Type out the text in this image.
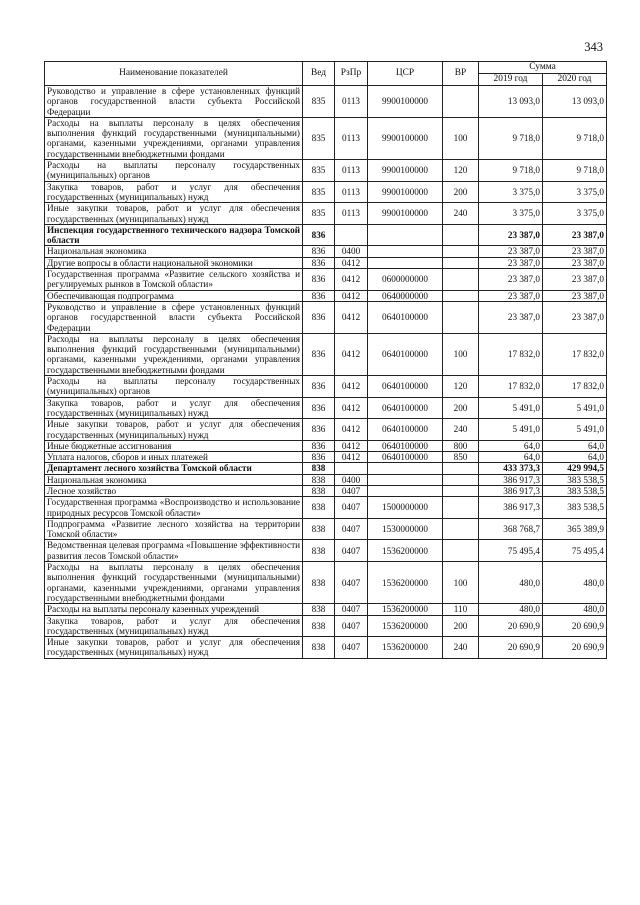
343
Наименование показателей	Вед	РзПр	ЦСР	ВР	Сумма	
					2019 год	2020 год
Руководство и управление в сфере установленных функций органов государственной власти субъекта Российской Федерации	835	0113	9900100000		13 093,0	13 093,0
Расходы на выплаты персоналу в целях обеспечения выполнения функций государственными (муниципальными) органами, казенными учреждениями, органами управления государственными внебюджетными фондами	835	0113	9900100000	100	9 718,0	9 718,0
Расходы на выплаты персоналу государственных (муниципальных) органов	835	0113	9900100000	120	9 718,0	9 718,0
Закупка товаров, работ и услуг для обеспечения государственных (муниципальных) нужд	835	0113	9900100000	200	3 375,0	3 375,0
Иные закупки товаров, работ и услуг для обеспечения государственных (муниципальных) нужд	835	0113	9900100000	240	3 375,0	3 375,0
Инспекция государственного технического надзора Томской области	836				23 387,0	23 387,0
Национальная экономика	836	0400			23 387,0	23 387,0
Другие вопросы в области национальной экономики	836	0412			23 387,0	23 387,0
Государственная программа «Развитие сельского хозяйства и регулируемых рынков в Томской области»	836	0412	0600000000		23 387,0	23 387,0
Обеспечивающая подпрограмма	836	0412	0640000000		23 387,0	23 387,0
Руководство и управление в сфере установленных функций органов государственной власти субъекта Российской Федерации	836	0412	0640100000		23 387,0	23 387,0
Расходы на выплаты персоналу в целях обеспечения выполнения функций государственными (муниципальными) органами, казенными учреждениями, органами управления государственными внебюджетными фондами	836	0412	0640100000	100	17 832,0	17 832,0
Расходы на выплаты персоналу государственных (муниципальных) органов	836	0412	0640100000	120	17 832,0	17 832,0
Закупка товаров, работ и услуг для обеспечения государственных (муниципальных) нужд	836	0412	0640100000	200	5 491,0	5 491,0
Иные закупки товаров, работ и услуг для обеспечения государственных (муниципальных) нужд	836	0412	0640100000	240	5 491,0	5 491,0
Иные бюджетные ассигнования	836	0412	0640100000	800	64,0	64,0
Уплата налогов, сборов и иных платежей	836	0412	0640100000	850	64,0	64,0
Департамент лесного хозяйства Томской области	838				433 373,3	429 994,5
Национальная экономика	838	0400			386 917,3	383 538,5
Лесное хозяйство	838	0407			386 917,3	383 538,5
Государственная программа «Воспроизводство и использование природных ресурсов Томской области»	838	0407	1500000000		386 917,3	383 538,5
Подпрограмма «Развитие лесного хозяйства на территории Томской области»	838	0407	1530000000		368 768,7	365 389,9
Ведомственная целевая программа «Повышение эффективности развития лесов Томской области»	838	0407	1536200000		75 495,4	75 495,4
Расходы на выплаты персоналу в целях обеспечения выполнения функций государственными (муниципальными) органами, казенными учреждениями, органами управления государственными внебюджетными фондами	838	0407	1536200000	100	480,0	480,0
Расходы на выплаты персоналу казенных учреждений	838	0407	1536200000	110	480,0	480,0
Закупка товаров, работ и услуг для обеспечения государственных (муниципальных) нужд	838	0407	1536200000	200	20 690,9	20 690,9
Иные закупки товаров, работ и услуг для обеспечения государственных (муниципальных) нужд	838	0407	1536200000	240	20 690,9	20 690,9
